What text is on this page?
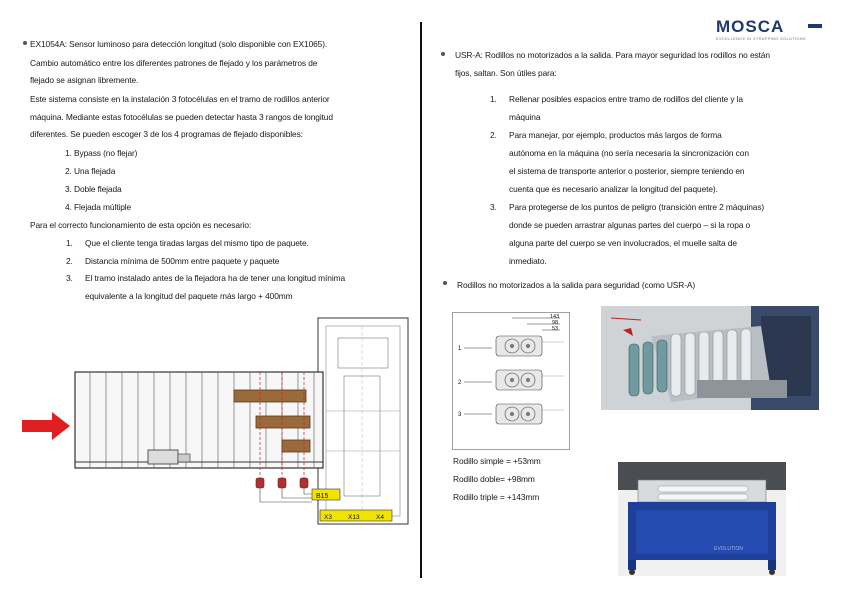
EX1054A: Sensor luminoso para detección longitud (solo disponible con EX1065).
Cambio automático entre los diferentes patrones de flejado y los parámetros de
flejado se asignan libremente.
Este sistema consiste en la instalación 3 fotocélulas en el tramo de rodillos anterior
máquina. Mediante estas fotocélulas se pueden detectar hasta 3 rangos de longitud
diferentes. Se pueden escoger 3 de los 4 programas de flejado disponibles:
1. Bypass (no flejar)
2. Una flejada
3. Doble flejada
4. Flejada múltiple
Para el correcto funcionamiento de esta opción es necesario:
1. Que el cliente tenga tiradas largas del mismo tipo de paquete.
2. Distancia mínima de 500mm entre paquete y paquete
3. El tramo instalado antes de la flejadora ha de tener una longitud mínima
equivalente a la longitud del paquete más largo + 400mm
B15
X3 X13	X4
MOSCA
EXCELLENCE IN STRAPPING SOLUTIONS
USR-A: Rodillos no motorizados a la salida. Para mayor seguridad los rodillos no están
fijos, saltan. Son útiles para:
1. Rellenar posibles espacios entre tramo de rodillos del cliente y la
máquina
2. Para manejar, por ejemplo, productos más largos de forma
autónoma en la máquina (no sería necesaria la sincronización con
el sistema de transporte anterior o posterior, siempre teniendo en
cuenta que es necesario analizar la longitud del paquete).
3. Para protegerse de los puntos de peligro (transición entre 2 máquinas)
donde se pueden arrastrar algunas partes del cuerpo – si la ropa o
alguna parte del cuerpo se ven involucrados, el muelle salta de
inmediato.
Rodillos no motorizados a la salida para seguridad (como USR-A)
143
98
53
1
2
3
Rodillo simple = +53mm
Rodillo doble= +98mm
Rodillo triple = +143mm
EVOLUTION
